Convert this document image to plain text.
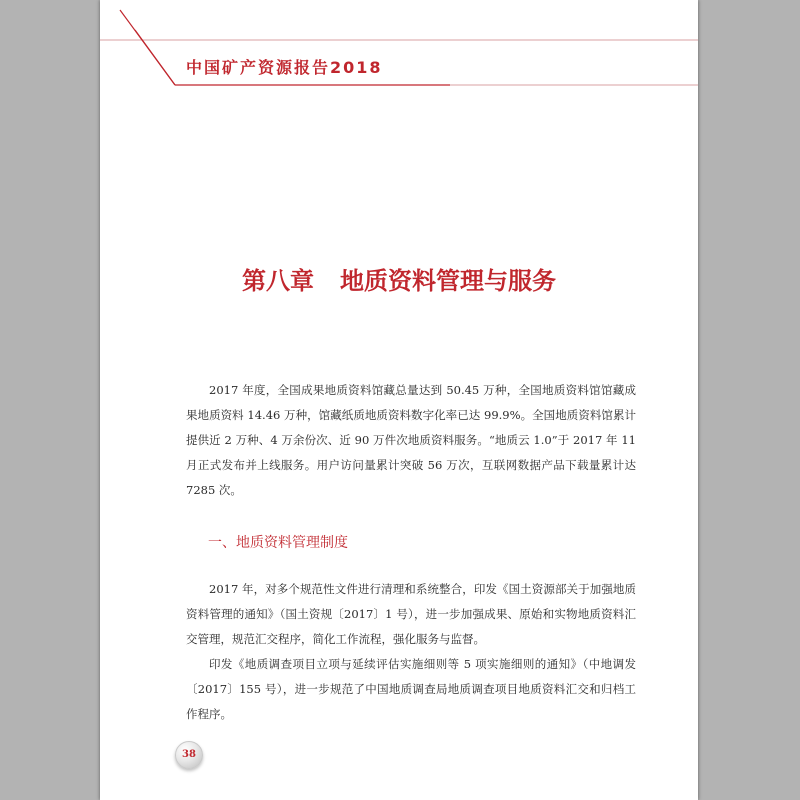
中国矿产资源报告2018
第八章 地质资料管理与服务

2017 年度，全国成果地质资料馆藏总量达到 50.45 万种，全国地质资料馆馆藏成果地质资料 14.46 万种，馆藏纸质地质资料数字化率已达 99.9%。全国地质资料馆累计提供近 2 万种、4 万余份次、近 90 万件次地质资料服务。“地质云 1.0”于 2017 年 11 月正式发布并上线服务。用户访问量累计突破 56 万次，互联网数据产品下载量累计达 7285 次。

一、地质资料管理制度

2017 年，对多个规范性文件进行清理和系统整合，印发《国土资源部关于加强地质资料管理的通知》（国土资规〔2017〕1 号），进一步加强成果、原始和实物地质资料汇交管理，规范汇交程序，简化工作流程，强化服务与监督。

印发《地质调查项目立项与延续评估实施细则等 5 项实施细则的通知》（中地调发〔2017〕155 号），进一步规范了中国地质调查局地质调查项目地质资料汇交和归档工作程序。

38
